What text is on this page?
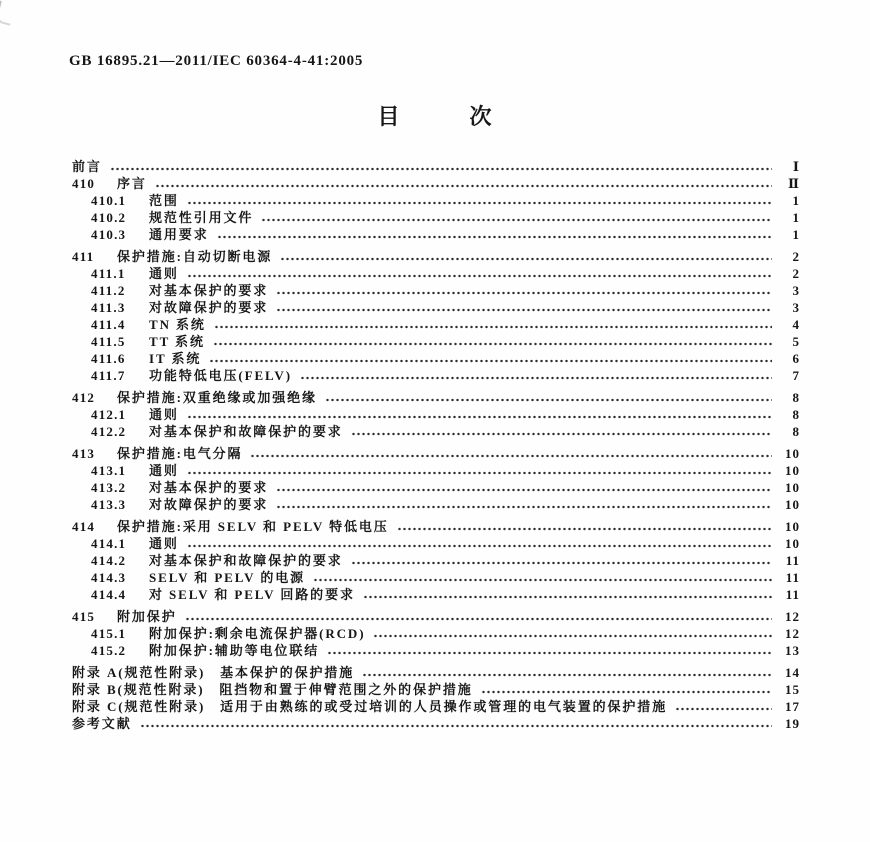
GB 16895.21—2011/IEC 60364-4-41:2005
目　　　次
前言	Ⅰ
410	序言	Ⅱ
410.1	范围	1
410.2	规范性引用文件	1
410.3	通用要求	1
411	保护措施:自动切断电源	2
411.1	通则	2
411.2	对基本保护的要求	3
411.3	对故障保护的要求	3
411.4	TN 系统	4
411.5	TT 系统	5
411.6	IT 系统	6
411.7	功能特低电压(FELV)	7
412	保护措施:双重绝缘或加强绝缘	8
412.1	通则	8
412.2	对基本保护和故障保护的要求	8
413	保护措施:电气分隔	10
413.1	通则	10
413.2	对基本保护的要求	10
413.3	对故障保护的要求	10
414	保护措施:采用 SELV 和 PELV 特低电压	10
414.1	通则	10
414.2	对基本保护和故障保护的要求	11
414.3	SELV 和 PELV 的电源	11
414.4	对 SELV 和 PELV 回路的要求	11
415	附加保护	12
415.1	附加保护:剩余电流保护器(RCD)	12
415.2	附加保护:辅助等电位联结	13
附录 A(规范性附录)　基本保护的保护措施	14
附录 B(规范性附录)　阻挡物和置于伸臂范围之外的保护措施	15
附录 C(规范性附录)　适用于由熟练的或受过培训的人员操作或管理的电气装置的保护措施	17
参考文献	19
